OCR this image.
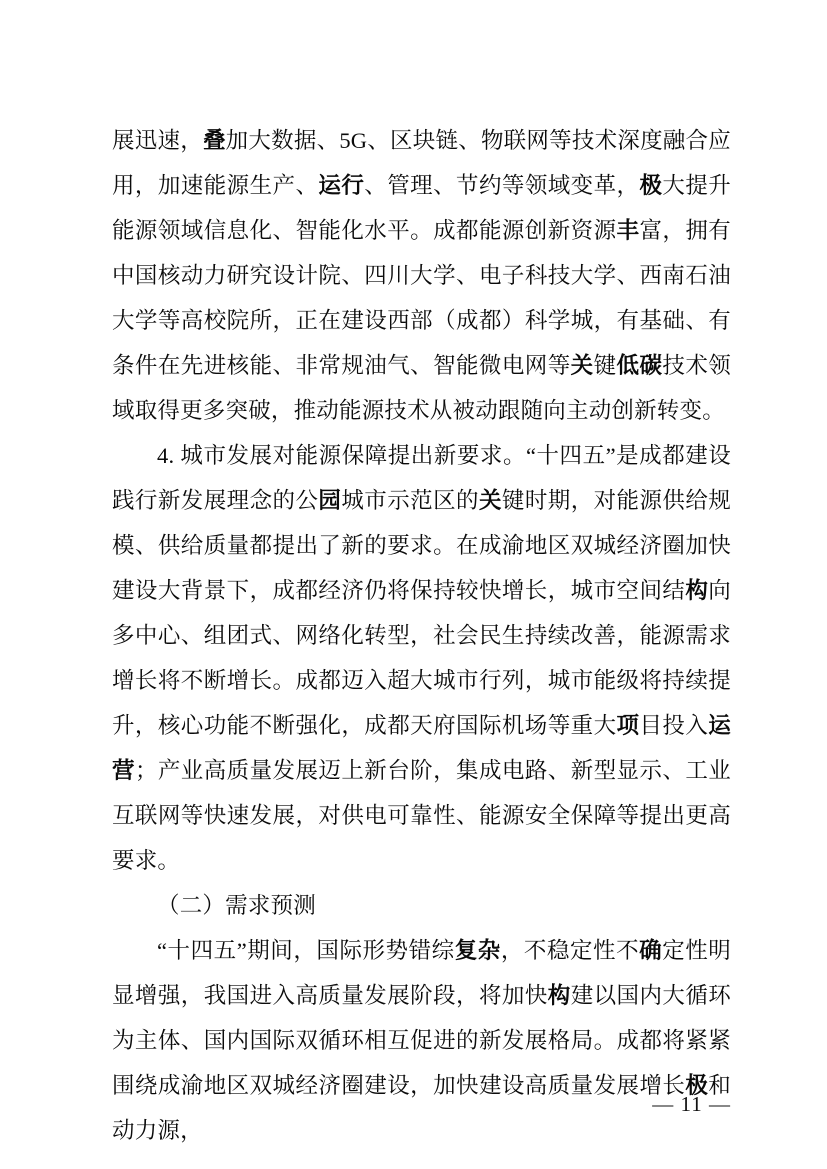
展迅速，叠加大数据、5G、区块链、物联网等技术深度融合应用，加速能源生产、运行、管理、节约等领域变革，极大提升能源领域信息化、智能化水平。成都能源创新资源丰富，拥有中国核动力研究设计院、四川大学、电子科技大学、西南石油大学等高校院所，正在建设西部（成都）科学城，有基础、有条件在先进核能、非常规油气、智能微电网等关键低碳技术领域取得更多突破，推动能源技术从被动跟随向主动创新转变。

4. 城市发展对能源保障提出新要求。“十四五”是成都建设践行新发展理念的公园城市示范区的关键时期，对能源供给规模、供给质量都提出了新的要求。在成渝地区双城经济圈加快建设大背景下，成都经济仍将保持较快增长，城市空间结构向多中心、组团式、网络化转型，社会民生持续改善，能源需求增长将不断增长。成都迈入超大城市行列，城市能级将持续提升，核心功能不断强化，成都天府国际机场等重大项目投入运营；产业高质量发展迈上新台阶，集成电路、新型显示、工业互联网等快速发展，对供电可靠性、能源安全保障等提出更高要求。

（二）需求预测

“十四五”期间，国际形势错综复杂，不稳定性不确定性明显增强，我国进入高质量发展阶段，将加快构建以国内大循环为主体、国内国际双循环相互促进的新发展格局。成都将紧紧围绕成渝地区双城经济圈建设，加快建设高质量发展增长极和动力源，

— 11 —
